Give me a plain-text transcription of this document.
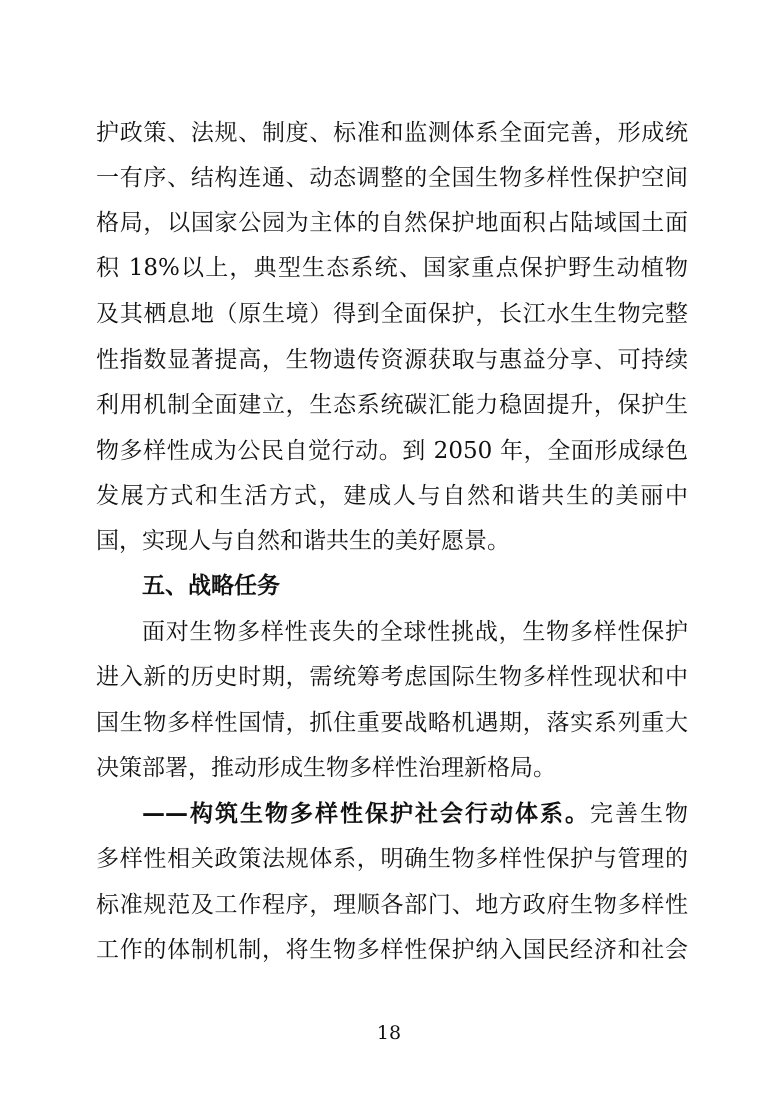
护政策、法规、制度、标准和监测体系全面完善，形成统
一有序、结构连通、动态调整的全国生物多样性保护空间
格局，以国家公园为主体的自然保护地面积占陆域国土面
积 18%以上，典型生态系统、国家重点保护野生动植物
及其栖息地（原生境）得到全面保护，长江水生生物完整
性指数显著提高，生物遗传资源获取与惠益分享、可持续
利用机制全面建立，生态系统碳汇能力稳固提升，保护生
物多样性成为公民自觉行动。到 2050 年，全面形成绿色
发展方式和生活方式，建成人与自然和谐共生的美丽中
国，实现人与自然和谐共生的美好愿景。
五、战略任务
面对生物多样性丧失的全球性挑战，生物多样性保护
进入新的历史时期，需统筹考虑国际生物多样性现状和中
国生物多样性国情，抓住重要战略机遇期，落实系列重大
决策部署，推动形成生物多样性治理新格局。
——构筑生物多样性保护社会行动体系。完善生物
多样性相关政策法规体系，明确生物多样性保护与管理的
标准规范及工作程序，理顺各部门、地方政府生物多样性
工作的体制机制，将生物多样性保护纳入国民经济和社会
18
